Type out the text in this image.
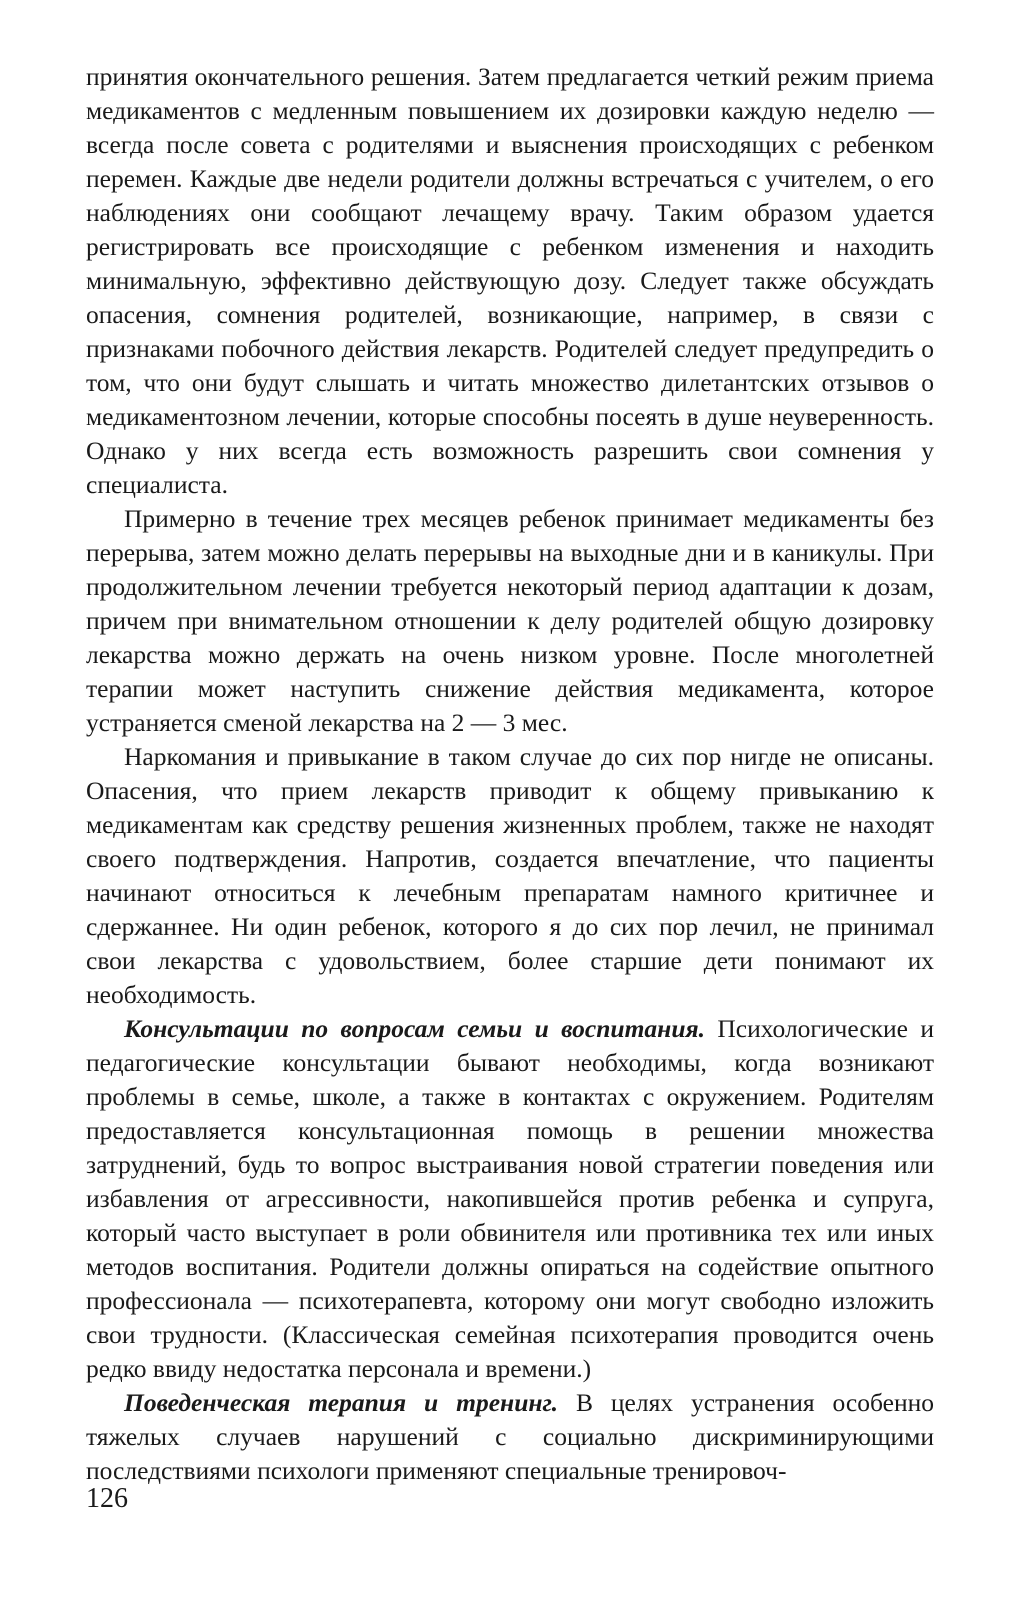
принятия окончательного решения. Затем предлагается четкий режим приема медикаментов с медленным повышением их дозировки каждую неделю — всегда после совета с родителями и выяснения происходящих с ребенком перемен. Каждые две недели родители должны встречаться с учителем, о его наблюдениях они сообщают лечащему врачу. Таким образом удается регистрировать все происходящие с ребенком изменения и находить минимальную, эффективно действующую дозу. Следует также обсуждать опасения, сомнения родителей, возникающие, например, в связи с признаками побочного действия лекарств. Родителей следует предупредить о том, что они будут слышать и читать множество дилетантских отзывов о медикаментозном лечении, которые способны посеять в душе неуверенность. Однако у них всегда есть возможность разрешить свои сомнения у специалиста.

Примерно в течение трех месяцев ребенок принимает медикаменты без перерыва, затем можно делать перерывы на выходные дни и в каникулы. При продолжительном лечении требуется некоторый период адаптации к дозам, причем при внимательном отношении к делу родителей общую дозировку лекарства можно держать на очень низком уровне. После многолетней терапии может наступить снижение действия медикамента, которое устраняется сменой лекарства на 2 — 3 мес.

Наркомания и привыкание в таком случае до сих пор нигде не описаны. Опасения, что прием лекарств приводит к общему привыканию к медикаментам как средству решения жизненных проблем, также не находят своего подтверждения. Напротив, создается впечатление, что пациенты начинают относиться к лечебным препаратам намного критичнее и сдержаннее. Ни один ребенок, которого я до сих пор лечил, не принимал свои лекарства с удовольствием, более старшие дети понимают их необходимость.

Консультации по вопросам семьи и воспитания. Психологические и педагогические консультации бывают необходимы, когда возникают проблемы в семье, школе, а также в контактах с окружением. Родителям предоставляется консультационная помощь в решении множества затруднений, будь то вопрос выстраивания новой стратегии поведения или избавления от агрессивности, накопившейся против ребенка и супруга, который часто выступает в роли обвинителя или противника тех или иных методов воспитания. Родители должны опираться на содействие опытного профессионала — психотерапевта, которому они могут свободно изложить свои трудности. (Классическая семейная психотерапия проводится очень редко ввиду недостатка персонала и времени.)

Поведенческая терапия и тренинг. В целях устранения особенно тяжелых случаев нарушений с социально дискриминирующими последствиями психологи применяют специальные тренировоч-

126
